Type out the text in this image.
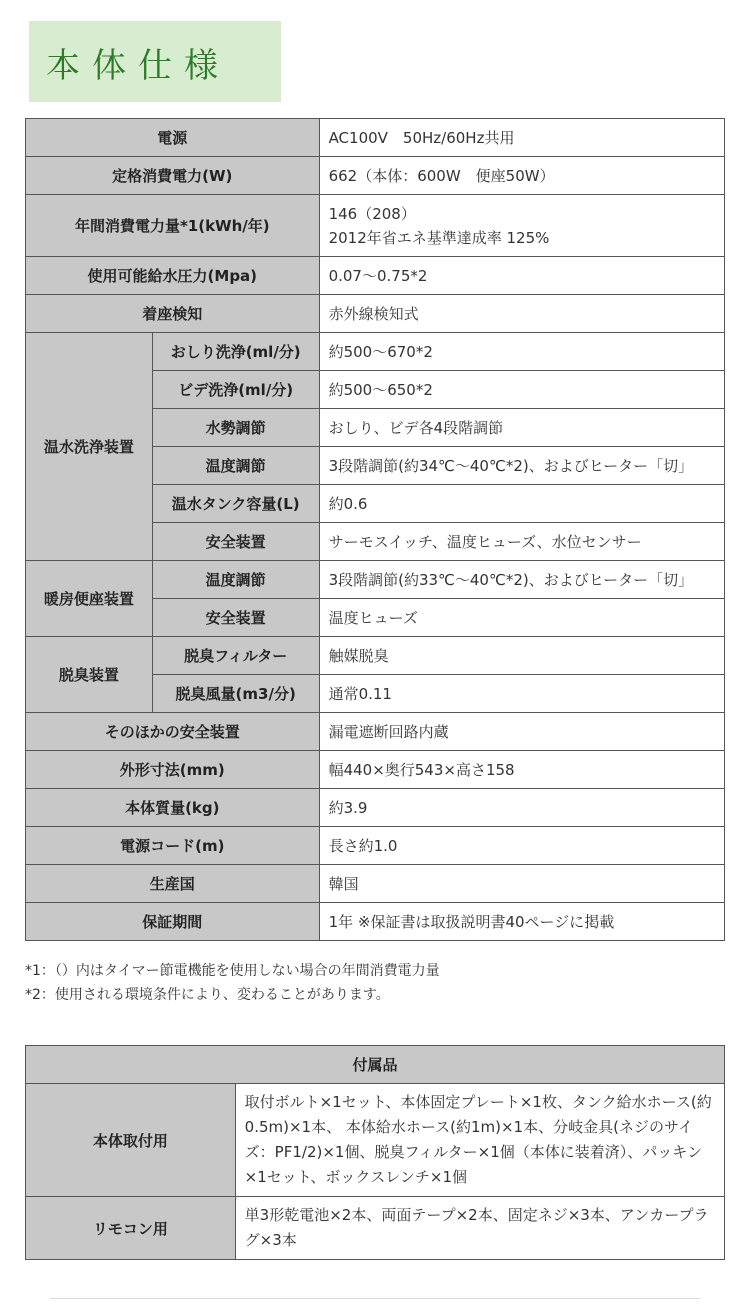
本体仕様
電源		AC100V　50Hz/60Hz共用
定格消費電力(W)		662（本体：600W　便座50W）
年間消費電力量*1(kWh/年)		146（208）
2012年省エネ基準達成率 125%

使用可能給水圧力(Mpa)		0.07～0.75*2
着座検知		赤外線検知式
温水洗浄装置	おしり洗浄(ml/分)	約500～670*2
	ビデ洗浄(ml/分)	約500～650*2
	水勢調節	おしり、ビデ各4段階調節
	温度調節	3段階調節(約34℃～40℃*2)、およびヒーター「切」
	温水タンク容量(L)	約0.6
	安全装置	サーモスイッチ、温度ヒューズ、水位センサー
暖房便座装置	温度調節	3段階調節(約33℃～40℃*2)、およびヒーター「切」
	安全装置	温度ヒューズ
脱臭装置	脱臭フィルター	触媒脱臭
	脱臭風量(m3/分)	通常0.11
そのほかの安全装置		漏電遮断回路内蔵
外形寸法(mm)		幅440×奥行543×高さ158
本体質量(kg)		約3.9
電源コード(m)		長さ約1.0
生産国		韓国
保証期間		1年 ※保証書は取扱説明書40ページに掲載
*1：（）内はタイマー節電機能を使用しない場合の年間消費電力量
*2：使用される環境条件により、変わることがあります。
付属品	
本体取付用	取付ボルト×1セット、本体固定プレート×1枚、タンク給水ホース(約0.5m)×1本、 本体給水ホース(約1m)×1本、分岐金具(ネジのサイズ：PF1/2)×1個、脱臭フィルター×1個（本体に装着済）、パッキン×1セット、ボックスレンチ×1個
リモコン用	単3形乾電池×2本、両面テープ×2本、固定ネジ×3本、アンカープラグ×3本
